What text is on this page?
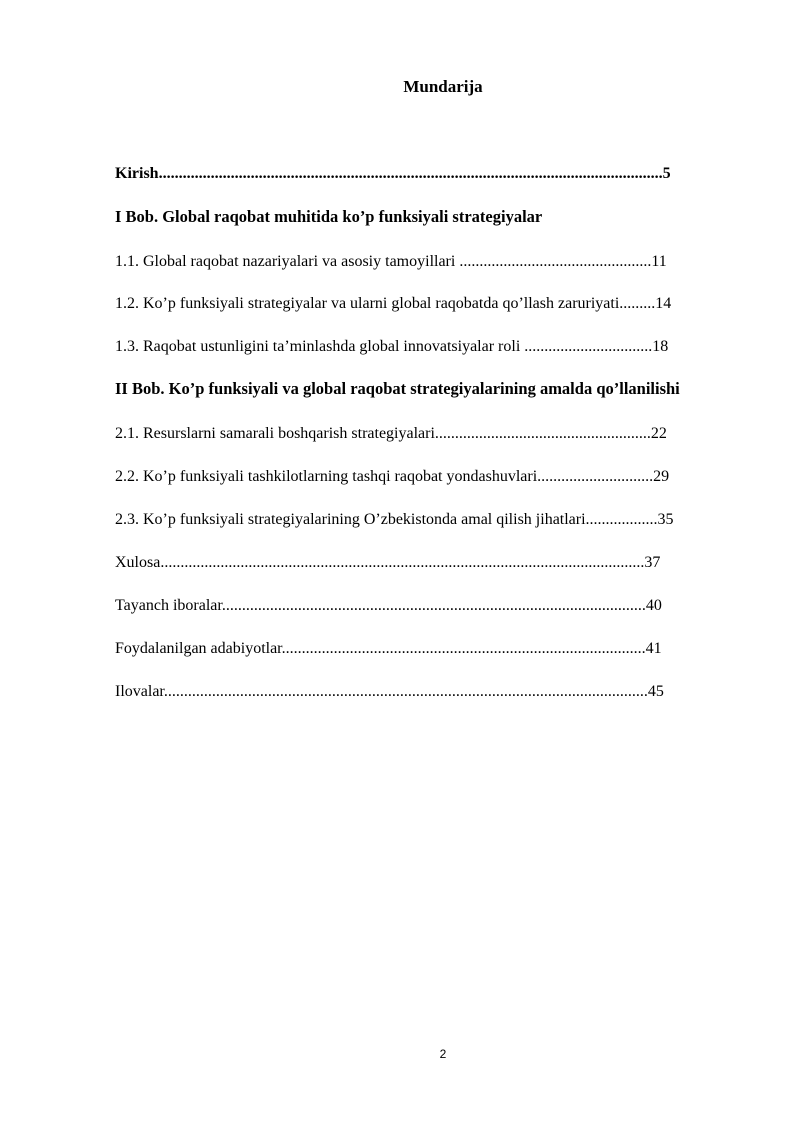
Mundarija
Kirish..............................................................................................................................5
I Bob. Global raqobat muhitida ko’p funksiyali strategiyalar
1.1. Global raqobat nazariyalari va asosiy tamoyillari ................................................11
1.2. Ko’p funksiyali strategiyalar va ularni global raqobatda qo’llash zaruriyati.........14
1.3. Raqobat ustunligini ta’minlashda global innovatsiyalar roli ................................18
II Bob. Ko’p funksiyali va global raqobat strategiyalarining amalda qo’llanilishi
2.1. Resurslarni samarali boshqarish strategiyalari......................................................22
2.2. Ko’p funksiyali tashkilotlarning tashqi raqobat yondashuvlari.............................29
2.3. Ko’p funksiyali strategiyalarining O’zbekistonda amal qilish jihatlari..................35
Xulosa.........................................................................................................................37
Tayanch iboralar..........................................................................................................40
Foydalanilgan adabiyotlar...........................................................................................41
Ilovalar.........................................................................................................................45
2
